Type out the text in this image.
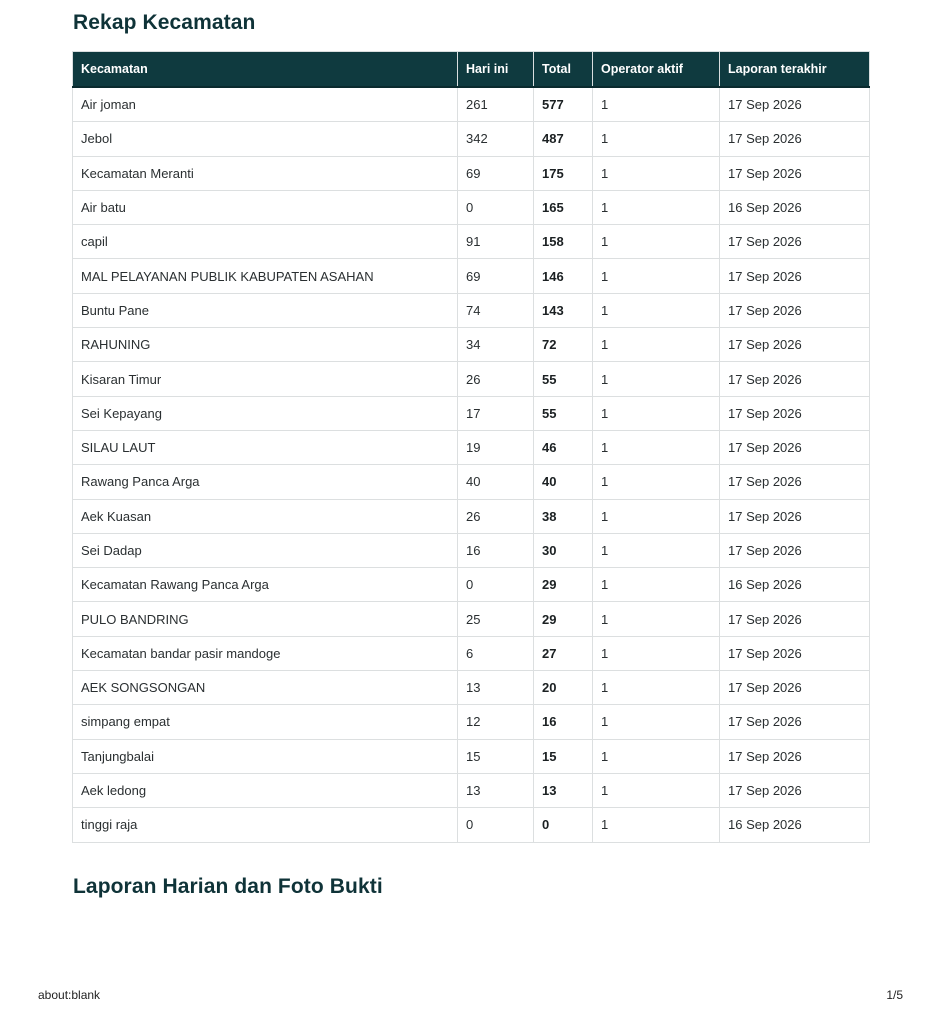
Rekap Kecamatan
Kecamatan	Hari ini	Total	Operator aktif	Laporan terakhir
Air joman	261	577	1	17 Sep 2026
Jebol	342	487	1	17 Sep 2026
Kecamatan Meranti	69	175	1	17 Sep 2026
Air batu	0	165	1	16 Sep 2026
capil	91	158	1	17 Sep 2026
MAL PELAYANAN PUBLIK KABUPATEN ASAHAN	69	146	1	17 Sep 2026
Buntu Pane	74	143	1	17 Sep 2026
RAHUNING	34	72	1	17 Sep 2026
Kisaran Timur	26	55	1	17 Sep 2026
Sei Kepayang	17	55	1	17 Sep 2026
SILAU LAUT	19	46	1	17 Sep 2026
Rawang Panca Arga	40	40	1	17 Sep 2026
Aek Kuasan	26	38	1	17 Sep 2026
Sei Dadap	16	30	1	17 Sep 2026
Kecamatan Rawang Panca Arga	0	29	1	16 Sep 2026
PULO BANDRING	25	29	1	17 Sep 2026
Kecamatan bandar pasir mandoge	6	27	1	17 Sep 2026
AEK SONGSONGAN	13	20	1	17 Sep 2026
simpang empat	12	16	1	17 Sep 2026
Tanjungbalai	15	15	1	17 Sep 2026
Aek ledong	13	13	1	17 Sep 2026
tinggi raja	0	0	1	16 Sep 2026
Laporan Harian dan Foto Bukti
about:blank	1/5
